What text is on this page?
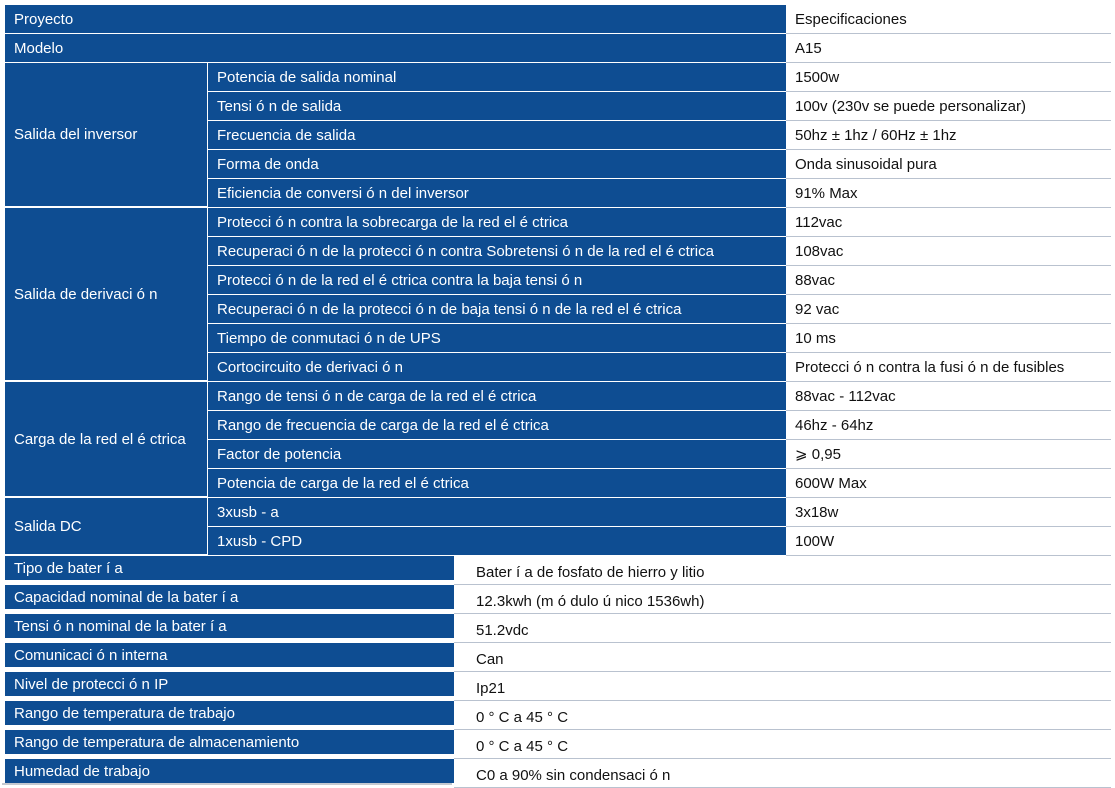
Proyecto	Especificaciones
Modelo	A15
Salida del inversor
Potencia de salida nominal	1500w
Tensi ó n de salida	100v (230v se puede personalizar)
Frecuencia de salida	50hz ± 1hz / 60Hz ± 1hz
Forma de onda	Onda sinusoidal pura
Eficiencia de conversi ó n del inversor	91% Max
Salida de derivaci ó n
Protecci ó n contra la sobrecarga de la red el é ctrica	112vac
Recuperaci ó n de la protecci ó n contra Sobretensi ó n de la red el é ctrica	108vac
Protecci ó n de la red el é ctrica contra la baja tensi ó n	88vac
Recuperaci ó n de la protecci ó n de baja tensi ó n de la red el é ctrica	92 vac
Tiempo de conmutaci ó n de UPS	10 ms
Cortocircuito de derivaci ó n	Protecci ó n contra la fusi ó n de fusibles
Carga de la red el é ctrica
Rango de tensi ó n de carga de la red el é ctrica	88vac - 112vac
Rango de frecuencia de carga de la red el é ctrica	46hz - 64hz
Factor de potencia	⩾ 0,95
Potencia de carga de la red el é ctrica	600W Max
Salida DC
3xusb - a	3x18w
1xusb - CPD	100W
Tipo de bater í a	Bater í a de fosfato de hierro y litio
Capacidad nominal de la bater í a	12.3kwh (m ó dulo ú nico 1536wh)
Tensi ó n nominal de la bater í a	51.2vdc
Comunicaci ó n interna	Can
Nivel de protecci ó n IP	Ip21
Rango de temperatura de trabajo	0 ° C a 45 ° C
Rango de temperatura de almacenamiento	0 ° C a 45 ° C
Humedad de trabajo	C0 a 90% sin condensaci ó n
